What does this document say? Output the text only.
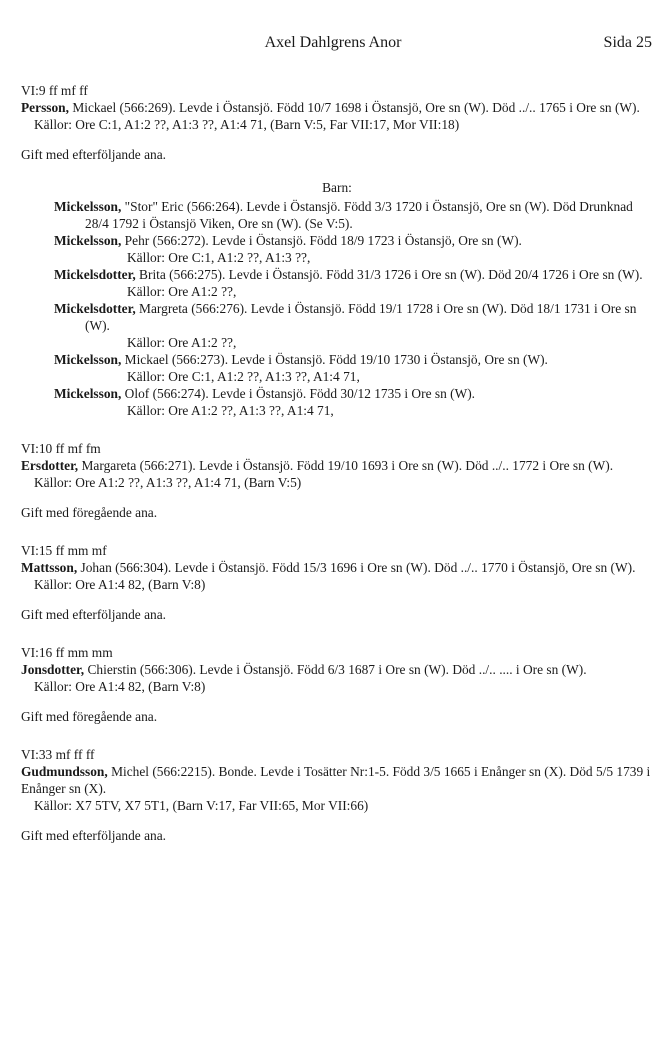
Axel Dahlgrens Anor	Sida 25
VI:9 ff mf ff
Persson, Mickael (566:269). Levde i Östansjö. Född 10/7 1698 i Östansjö, Ore sn (W). Död ../.. 1765 i Ore sn (W).
Källor: Ore C:1, A1:2 ??, A1:3 ??, A1:4 71, (Barn V:5, Far VII:17, Mor VII:18)
Gift med efterföljande ana.
Barn:
Mickelsson, "Stor" Eric (566:264). Levde i Östansjö. Född 3/3 1720 i Östansjö, Ore sn (W). Död Drunknad 28/4 1792 i Östansjö Viken, Ore sn (W). (Se V:5).
Mickelsson, Pehr (566:272). Levde i Östansjö. Född 18/9 1723 i Östansjö, Ore sn (W).
Källor: Ore C:1, A1:2 ??, A1:3 ??,
Mickelsdotter, Brita (566:275). Levde i Östansjö. Född 31/3 1726 i Ore sn (W). Död 20/4 1726 i Ore sn (W).
Källor: Ore A1:2 ??,
Mickelsdotter, Margreta (566:276). Levde i Östansjö. Född 19/1 1728 i Ore sn (W). Död 18/1 1731 i Ore sn (W).
Källor: Ore A1:2 ??,
Mickelsson, Mickael (566:273). Levde i Östansjö. Född 19/10 1730 i Östansjö, Ore sn (W).
Källor: Ore C:1, A1:2 ??, A1:3 ??, A1:4 71,
Mickelsson, Olof (566:274). Levde i Östansjö. Född 30/12 1735 i Ore sn (W).
Källor: Ore A1:2 ??, A1:3 ??, A1:4 71,
VI:10 ff mf fm
Ersdotter, Margareta (566:271). Levde i Östansjö. Född 19/10 1693 i Ore sn (W). Död ../.. 1772 i Ore sn (W).
Källor: Ore A1:2 ??, A1:3 ??, A1:4 71, (Barn V:5)
Gift med föregående ana.
VI:15 ff mm mf
Mattsson, Johan (566:304). Levde i Östansjö. Född 15/3 1696 i Ore sn (W). Död ../.. 1770 i Östansjö, Ore sn (W).
Källor: Ore A1:4 82, (Barn V:8)
Gift med efterföljande ana.
VI:16 ff mm mm
Jonsdotter, Chierstin (566:306). Levde i Östansjö. Född 6/3 1687 i Ore sn (W). Död ../.. .... i Ore sn (W).
Källor: Ore A1:4 82, (Barn V:8)
Gift med föregående ana.
VI:33 mf ff ff
Gudmundsson, Michel (566:2215). Bonde. Levde i Tosätter Nr:1-5. Född 3/5 1665 i Enånger sn (X). Död 5/5 1739 i Enånger sn (X).
Källor: X7 5TV, X7 5T1, (Barn V:17, Far VII:65, Mor VII:66)
Gift med efterföljande ana.
